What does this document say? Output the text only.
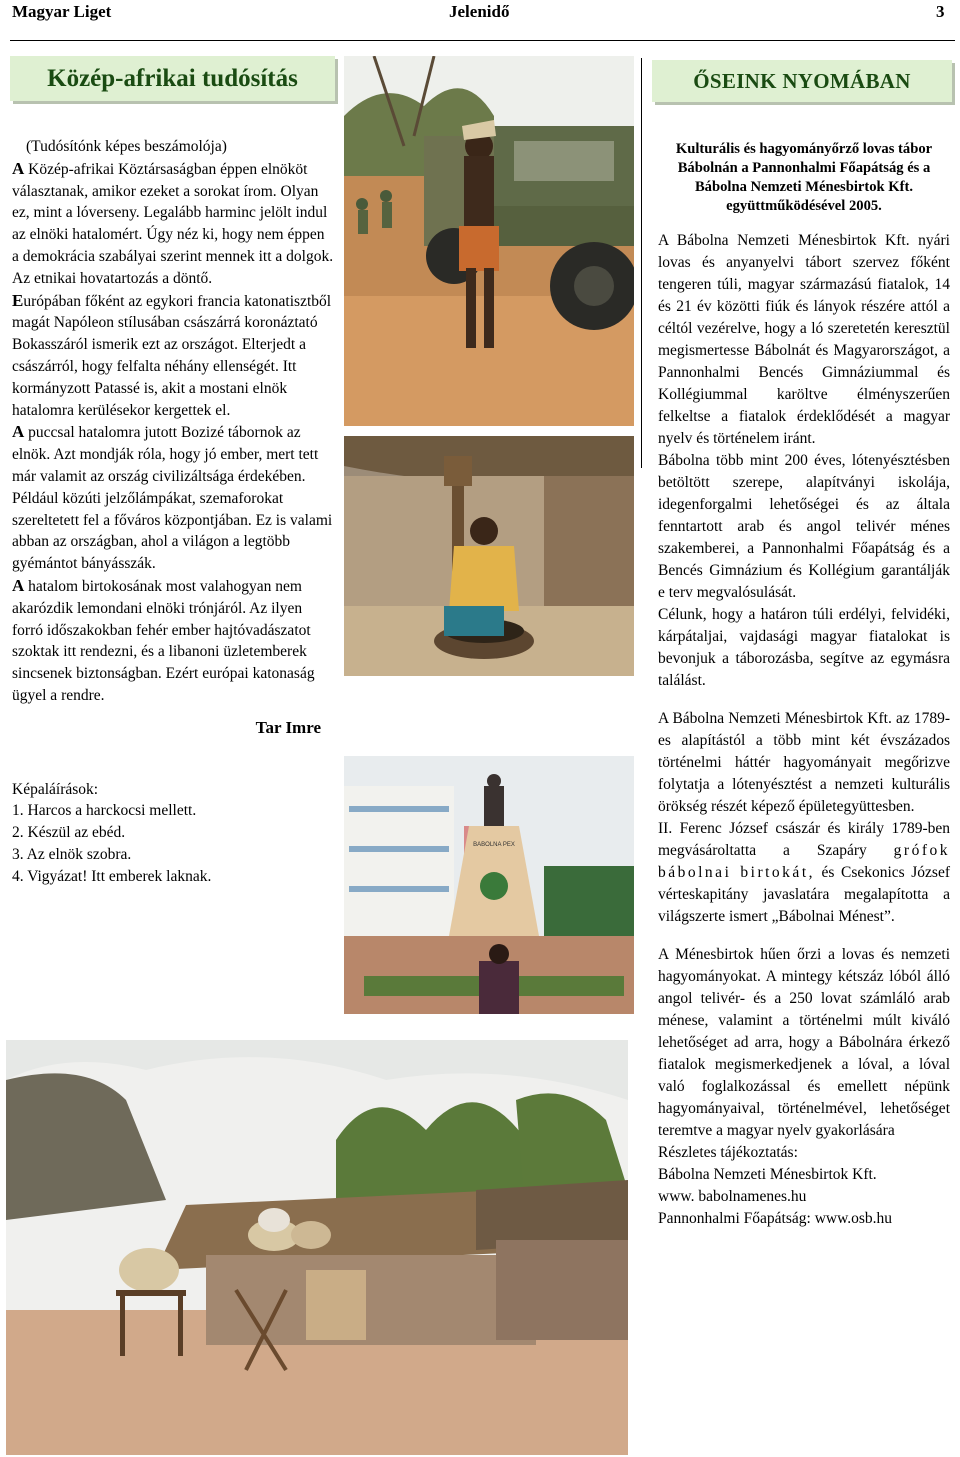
Magyar Liget	Jelenidő	3
Közép-afrikai tudósítás	ŐSEINK NYOMÁBAN

(Tudósítónk képes beszámolója)

A Közép-afrikai Köztársaságban éppen elnököt választanak, amikor ezeket a sorokat írom. Olyan ez, mint a lóverseny. Legalább harminc jelölt indul az elnöki hatalomért. Úgy néz ki, hogy nem éppen a demokrácia szabályai szerint mennek itt a dolgok. Az etnikai hovatartozás a döntő.

Európában főként az egykori francia katonatisztből magát Napóleon stílusában császárrá koronáztató Bokasszáról ismerik ezt az országot. Elterjedt a császárról, hogy felfalta néhány ellenségét. Itt kormányzott Patassé is, akit a mostani elnök hatalomra kerülésekor kergettek el.

A puccsal hatalomra jutott Bozizé tábornok az elnök. Azt mondják róla, hogy jó ember, mert tett már valamit az ország civilizáltsága érdekében. Például közúti jelzőlámpákat, szemaforokat szereltetett fel a főváros központjában. Ez is valami abban az országban, ahol a világon a legtöbb gyémántot bányásszák.

A hatalom birtokosának most valahogyan nem akarózdik lemondani elnöki trónjáról. Az ilyen forró időszakokban fehér ember hajtóvadászatot szoktak itt rendezni, és a libanoni üzletemberek sincsenek biztonságban. Ezért európai katonaság ügyel a rendre.

Tar Imre

Képaláírások:

1. Harcos a harckocsi mellett.

2. Készül az ebéd.

3. Az elnök szobra.

4. Vigyázat! Itt emberek laknak.

Kulturális és hagyományőrző lovas tábor Bábolnán a Pannonhalmi Főapátság és a Bábolna Nemzeti Ménesbirtok Kft. együttműködésével 2005.

A Bábolna Nemzeti Ménesbirtok Kft. nyári lovas és anyanyelvi tábort szervez főként tengeren túli, magyar származású fiatalok, 14 és 21 év közötti fiúk és lányok részére attól a céltól vezérelve, hogy a ló szeretetén keresztül megismertesse Bábolnát és Magyarországot, a Pannonhalmi Bencés Gimnáziummal és Kollégiummal karöltve élményszerűen felkeltse a fiatalok érdeklődését a magyar nyelv és történelem iránt.

Bábolna több mint 200 éves, lótenyésztésben betöltött szerepe, alapítványi iskolája, idegenforgalmi lehetőségei és az általa fenntartott arab és angol telivér ménes szakemberei, a Pannonhalmi Főapátság és a Bencés Gimnázium és Kollégium garantálják e terv megvalósulását.

Célunk, hogy a határon túli erdélyi, felvidéki, kárpátaljai, vajdasági magyar fiatalokat is bevonjuk a táborozásba, segítve az egymásra találást.

A Bábolna Nemzeti Ménesbirtok Kft. az 1789-es alapítástól a több mint két évszázados történelmi háttér hagyományait megőrizve folytatja a lótenyésztést a nemzeti kulturális örökség részét képező épületegyüttesben.

II. Ferenc József császár és király 1789-ben megvásároltatta a Szapáry grófok bábolnai birtokát, és Csekonics József vérteskapitány javaslatára megalapította a világszerte ismert „Bábolnai Ménest”.

A Ménesbirtok hűen őrzi a lovas és nemzeti hagyományokat. A mintegy kétszáz lóból álló angol telivér- és a 250 lovat számláló arab ménese, valamint a történelmi múlt kiváló lehetőséget ad arra, hogy a Bábolnára érkező fiatalok megismerkedjenek a lóval, a lóval való foglalkozással és emellett népünk hagyományaival, történelmével, lehetőséget teremtve a magyar nyelv gyakorlására

Részletes tájékoztatás:

Bábolna Nemzeti Ménesbirtok Kft.

www. babolnamenes.hu

Pannonhalmi Főapátság: www.osb.hu

BABOLNA PEX
